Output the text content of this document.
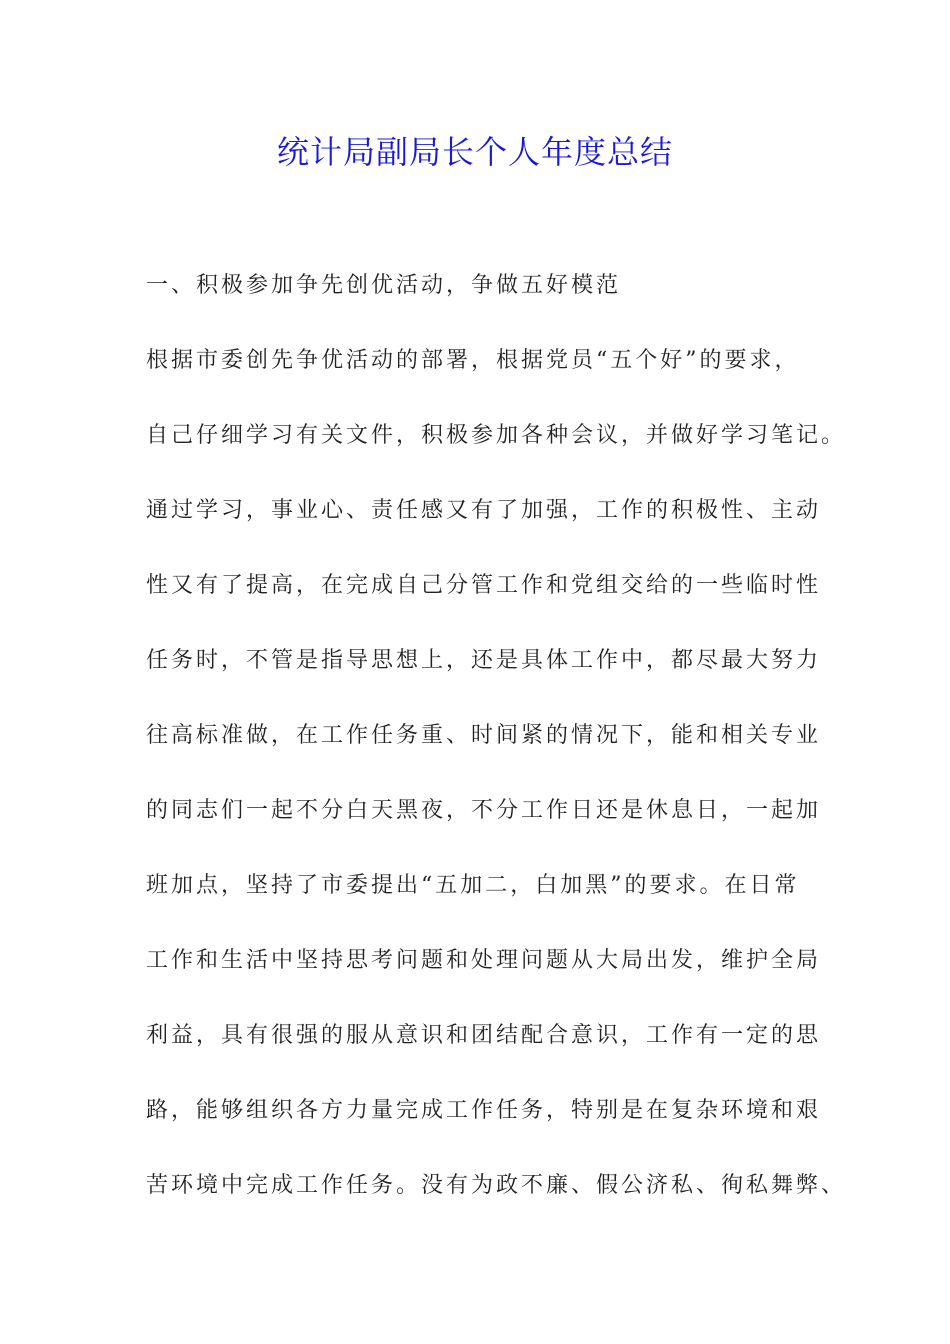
统计局副局长个人年度总结
一、积极参加争先创优活动，争做五好模范
根据市委创先争优活动的部署，根据党员“五个好”的要求，
自己仔细学习有关文件，积极参加各种会议，并做好学习笔记。
通过学习，事业心、责任感又有了加强，工作的积极性、主动
性又有了提高，在完成自己分管工作和党组交给的一些临时性
任务时，不管是指导思想上，还是具体工作中，都尽最大努力
往高标准做，在工作任务重、时间紧的情况下，能和相关专业
的同志们一起不分白天黑夜，不分工作日还是休息日，一起加
班加点，坚持了市委提出“五加二，白加黑”的要求。在日常
工作和生活中坚持思考问题和处理问题从大局出发，维护全局
利益，具有很强的服从意识和团结配合意识，工作有一定的思
路，能够组织各方力量完成工作任务，特别是在复杂环境和艰
苦环境中完成工作任务。没有为政不廉、假公济私、徇私舞弊、
